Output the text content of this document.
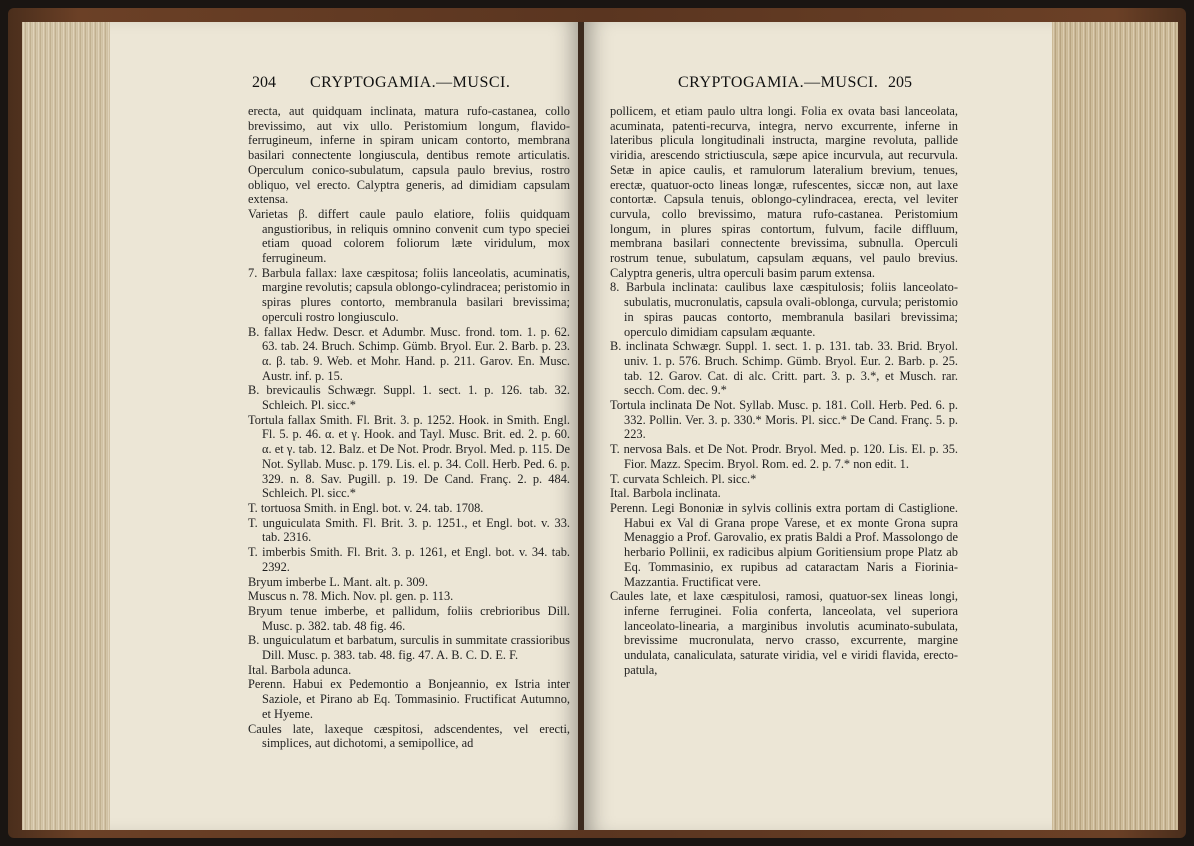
204 CRYPTOGAMIA.—MUSCI.

erecta, aut quidquam inclinata, matura rufo-castanea, collo brevissimo, aut vix ullo. Peristomium longum, flavido-ferrugineum, inferne in spiram unicam contorto, membrana basilari connectente longiuscula, dentibus remote articulatis. Operculum conico-subulatum, capsula paulo brevius, rostro obliquo, vel erecto. Calyptra generis, ad dimidiam capsulam extensa.

Varietas β. differt caule paulo elatiore, foliis quidquam angustioribus, in reliquis omnino convenit cum typo speciei etiam quoad colorem foliorum læte viridulum, mox ferrugineum.

7. Barbula fallax: laxe cæspitosa; foliis lanceolatis, acuminatis, margine revolutis; capsula oblongo-cylindracea; peristomio in spiras plures contorto, membranula basilari brevissima; operculi rostro longiusculo.

B. fallax Hedw. Descr. et Adumbr. Musc. frond. tom. 1. p. 62. 63. tab. 24. Bruch. Schimp. Gümb. Bryol. Eur. 2. Barb. p. 23. α. β. tab. 9. Web. et Mohr. Hand. p. 211. Garov. En. Musc. Austr. inf. p. 15.

B. brevicaulis Schwægr. Suppl. 1. sect. 1. p. 126. tab. 32. Schleich. Pl. sicc.*

Tortula fallax Smith. Fl. Brit. 3. p. 1252. Hook. in Smith. Engl. Fl. 5. p. 46. α. et γ. Hook. and Tayl. Musc. Brit. ed. 2. p. 60. α. et γ. tab. 12. Balz. et De Not. Prodr. Bryol. Med. p. 115. De Not. Syllab. Musc. p. 179. Lis. el. p. 34. Coll. Herb. Ped. 6. p. 329. n. 8. Sav. Pugill. p. 19. De Cand. Franç. 2. p. 484. Schleich. Pl. sicc.*

T. tortuosa Smith. in Engl. bot. v. 24. tab. 1708.

T. unguiculata Smith. Fl. Brit. 3. p. 1251., et Engl. bot. v. 33. tab. 2316.

T. imberbis Smith. Fl. Brit. 3. p. 1261, et Engl. bot. v. 34. tab. 2392.

Bryum imberbe L. Mant. alt. p. 309.

Muscus n. 78. Mich. Nov. pl. gen. p. 113.

Bryum tenue imberbe, et pallidum, foliis crebrioribus Dill. Musc. p. 382. tab. 48 fig. 46.

B. unguiculatum et barbatum, surculis in summitate crassioribus Dill. Musc. p. 383. tab. 48. fig. 47. A. B. C. D. E. F.

Ital. Barbola adunca.

Perenn. Habui ex Pedemontio a Bonjeannio, ex Istria inter Saziole, et Pirano ab Eq. Tommasinio. Fructificat Autumno, et Hyeme.

Caules late, laxeque cæspitosi, adscendentes, vel erecti, simplices, aut dichotomi, a semipollice, ad

CRYPTOGAMIA.—MUSCI. 205

pollicem, et etiam paulo ultra longi. Folia ex ovata basi lanceolata, acuminata, patenti-recurva, integra, nervo excurrente, inferne in lateribus plicula longitudinali instructa, margine revoluta, pallide viridia, arescendo strictiuscula, sæpe apice incurvula, aut recurvula. Setæ in apice caulis, et ramulorum lateralium brevium, tenues, erectæ, quatuor-octo lineas longæ, rufescentes, siccæ non, aut laxe contortæ. Capsula tenuis, oblongo-cylindracea, erecta, vel leviter curvula, collo brevissimo, matura rufo-castanea. Peristomium longum, in plures spiras contortum, fulvum, facile diffluum, membrana basilari connectente brevissima, subnulla. Operculi rostrum tenue, subulatum, capsulam æquans, vel paulo brevius. Calyptra generis, ultra operculi basim parum extensa.

8. Barbula inclinata: caulibus laxe cæspitulosis; foliis lanceolato-subulatis, mucronulatis, capsula ovali-oblonga, curvula; peristomio in spiras paucas contorto, membranula basilari brevissima; operculo dimidiam capsulam æquante.

B. inclinata Schwægr. Suppl. 1. sect. 1. p. 131. tab. 33. Brid. Bryol. univ. 1. p. 576. Bruch. Schimp. Gümb. Bryol. Eur. 2. Barb. p. 25. tab. 12. Garov. Cat. di alc. Critt. part. 3. p. 3.*, et Musch. rar. secch. Com. dec. 9.*

Tortula inclinata De Not. Syllab. Musc. p. 181. Coll. Herb. Ped. 6. p. 332. Pollin. Ver. 3. p. 330.* Moris. Pl. sicc.* De Cand. Franç. 5. p. 223.

T. nervosa Bals. et De Not. Prodr. Bryol. Med. p. 120. Lis. El. p. 35. Fior. Mazz. Specim. Bryol. Rom. ed. 2. p. 7.* non edit. 1.

T. curvata Schleich. Pl. sicc.*

Ital. Barbola inclinata.

Perenn. Legi Bononiæ in sylvis collinis extra portam di Castiglione. Habui ex Val di Grana prope Varese, et ex monte Grona supra Menaggio a Prof. Garovalio, ex pratis Baldi a Prof. Massolongo de herbario Pollinii, ex radicibus alpium Goritiensium prope Platz ab Eq. Tommasinio, ex rupibus ad cataractam Naris a Fiorinia-Mazzantia. Fructificat vere.

Caules late, et laxe cæspitulosi, ramosi, quatuor-sex lineas longi, inferne ferruginei. Folia conferta, lanceolata, vel superiora lanceolato-linearia, a marginibus involutis acuminato-subulata, brevissime mucronulata, nervo crasso, excurrente, margine undulata, canaliculata, saturate viridia, vel e viridi flavida, erecto-patula,
